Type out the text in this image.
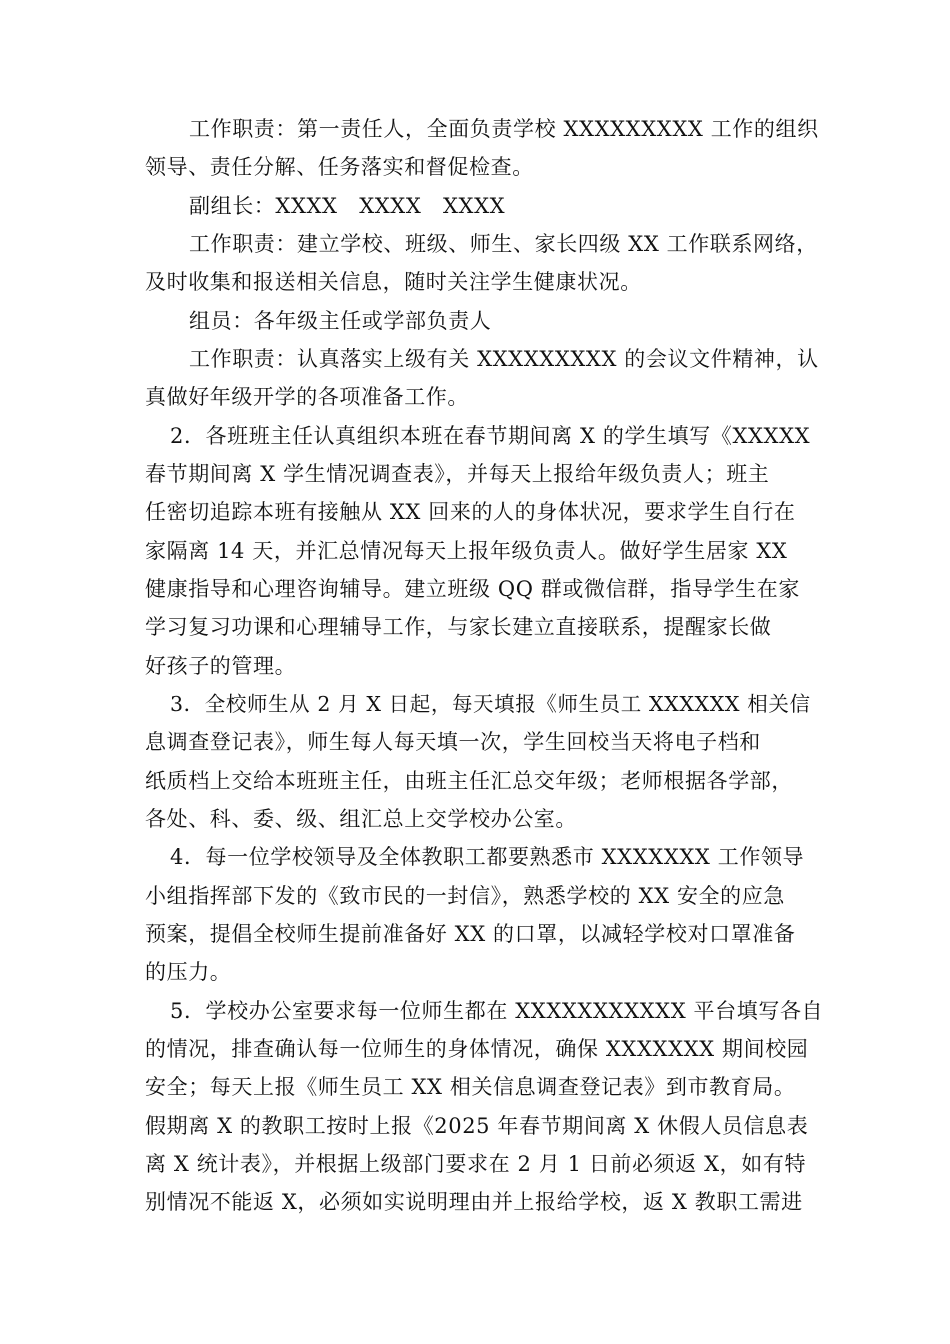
工作职责：第一责任人，全面负责学校 XXXXXXXXX 工作的组织
领导、责任分解、任务落实和督促检查。
副组长：XXXX　XXXX　XXXX
工作职责：建立学校、班级、师生、家长四级 XX 工作联系网络，
及时收集和报送相关信息，随时关注学生健康状况。
组员：各年级主任或学部负责人
工作职责：认真落实上级有关 XXXXXXXXX 的会议文件精神，认
真做好年级开学的各项准备工作。
2．各班班主任认真组织本班在春节期间离 X 的学生填写《XXXXX
春节期间离 X 学生情况调查表》，并每天上报给年级负责人；班主
任密切追踪本班有接触从 XX 回来的人的身体状况，要求学生自行在
家隔离 14 天，并汇总情况每天上报年级负责人。做好学生居家 XX
健康指导和心理咨询辅导。建立班级 QQ 群或微信群，指导学生在家
学习复习功课和心理辅导工作，与家长建立直接联系，提醒家长做
好孩子的管理。
3．全校师生从 2 月 X 日起，每天填报《师生员工 XXXXXX 相关信
息调查登记表》，师生每人每天填一次，学生回校当天将电子档和
纸质档上交给本班班主任，由班主任汇总交年级；老师根据各学部，
各处、科、委、级、组汇总上交学校办公室。
4．每一位学校领导及全体教职工都要熟悉市 XXXXXXX 工作领导
小组指挥部下发的《致市民的一封信》，熟悉学校的 XX 安全的应急
预案，提倡全校师生提前准备好 XX 的口罩，以减轻学校对口罩准备
的压力。
5．学校办公室要求每一位师生都在 XXXXXXXXXXX 平台填写各自
的情况，排查确认每一位师生的身体情况，确保 XXXXXXX 期间校园
安全；每天上报《师生员工 XX 相关信息调查登记表》到市教育局。
假期离 X 的教职工按时上报《2025 年春节期间离 X 休假人员信息表
离 X 统计表》，并根据上级部门要求在 2 月 1 日前必须返 X，如有特
别情况不能返 X，必须如实说明理由并上报给学校，返 X 教职工需进
